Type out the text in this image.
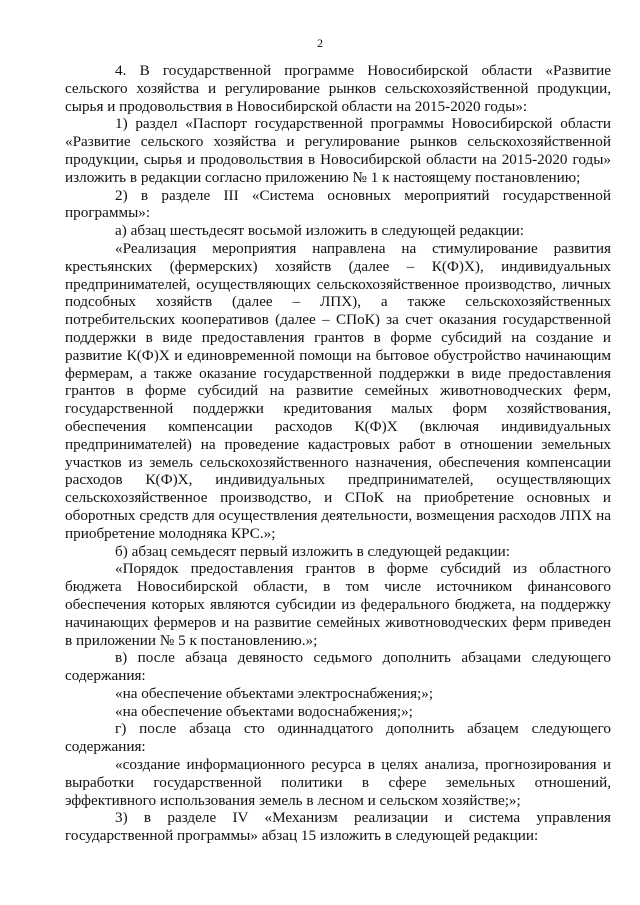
2

4. В государственной программе Новосибирской области «Развитие сельского хозяйства и регулирование рынков сельскохозяйственной продукции, сырья и продовольствия в Новосибирской области на 2015-2020 годы»:

1) раздел «Паспорт государственной программы Новосибирской области «Развитие сельского хозяйства и регулирование рынков сельскохозяйственной продукции, сырья и продовольствия в Новосибирской области на 2015-2020 годы» изложить в редакции согласно приложению № 1 к настоящему постановлению;

2) в разделе III «Система основных мероприятий государственной программы»:

а) абзац шестьдесят восьмой изложить в следующей редакции:

«Реализация мероприятия направлена на стимулирование развития крестьянских (фермерских) хозяйств (далее – К(Ф)Х), индивидуальных предпринимателей, осуществляющих сельскохозяйственное производство, личных подсобных хозяйств (далее – ЛПХ), а также сельскохозяйственных потребительских кооперативов (далее – СПоК) за счет оказания государственной поддержки в виде предоставления грантов в форме субсидий на создание и развитие К(Ф)Х и единовременной помощи на бытовое обустройство начинающим фермерам, а также оказание государственной поддержки в виде предоставления грантов в форме субсидий на развитие семейных животноводческих ферм, государственной поддержки кредитования малых форм хозяйствования, обеспечения компенсации расходов К(Ф)Х (включая индивидуальных предпринимателей) на проведение кадастровых работ в отношении земельных участков из земель сельскохозяйственного назначения, обеспечения компенсации расходов К(Ф)Х, индивидуальных предпринимателей, осуществляющих сельскохозяйственное производство, и СПоК на приобретение основных и оборотных средств для осуществления деятельности, возмещения расходов ЛПХ на приобретение молодняка КРС.»;

б) абзац семьдесят первый изложить в следующей редакции:

«Порядок предоставления грантов в форме субсидий из областного бюджета Новосибирской области, в том числе источником финансового обеспечения которых являются субсидии из федерального бюджета, на поддержку начинающих фермеров и на развитие семейных животноводческих ферм приведен в приложении № 5 к постановлению.»;

в) после абзаца девяносто седьмого дополнить абзацами следующего содержания:

«на обеспечение объектами электроснабжения;»;

«на обеспечение объектами водоснабжения;»;

г) после абзаца сто одиннадцатого дополнить абзацем следующего содержания:

«создание информационного ресурса в целях анализа, прогнозирования и выработки государственной политики в сфере земельных отношений, эффективного использования земель в лесном и сельском хозяйстве;»;

3) в разделе IV «Механизм реализации и система управления государственной программы» абзац 15 изложить в следующей редакции:
